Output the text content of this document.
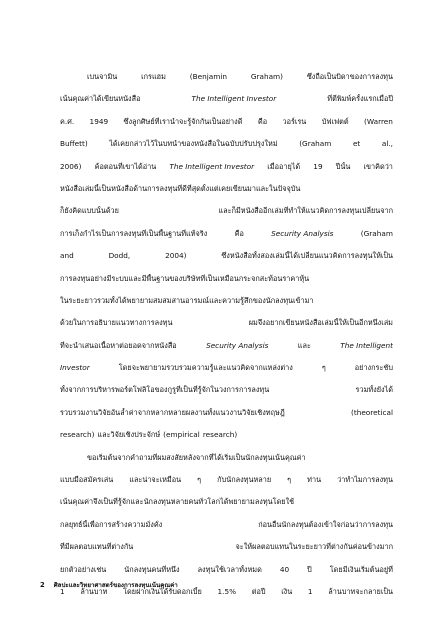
เบนจามิน	เกรแฮม	(Benjamin	Graham)	ซึ่งถือเป็นบิดาของการลงทุน
เน้นคุณค่าได้เขียนหนังสือ	The Intelligent Investor	ที่ตีพิมพ์ครั้งแรกเมื่อปี
ค.ศ. 1949 ซึ่งลูกศิษย์ที่เรานำจะรู้จักกันเป็นอย่างดี คือ วอร์เรน บัฟเฟตต์ (Warren
Buffett)	ได้เคยกล่าวไว้ในบทนำของหนังสือในฉบับปรับปรุงใหม่	(Graham	et	al.,
2006) ค้อตอนที่เขาได้อ่าน The Intelligent Investor เมื่ออายุได้ 19 ปีนั้น เขาคิดว่า
หนังสือเล่มนี้เป็นหนังสือด้านการลงทุนที่ดีที่สุดตั้งแต่เคยเขียนมาและในปัจจุบัน
ก็ยังคิดแบบนั้นด้วย	และก็มีหนังสืออีกเล่มที่ทำให้แนวคิดการลงทุนเปลี่ยนจาก
การเก็งกำไรเป็นการลงทุนที่เป็นพื้นฐานที่แท้จริง	คือ	Security Analysis	(Graham
and	Dodd,	2004)	ซึ่งหนังสือทั้งสองเล่มนี้ได้เปลี่ยนแนวคิดการลงทุนให้เป็น
การลงทุนอย่างมีระบบและมีพื้นฐานของบริษัทที่เป็นเหมือนกระจกสะท้อนราคาหุ้น
ในระยะยาวรวมทั้งได้พยายามสมสมสานอารมณ์และความรู้สึกของนักลงทุนเข้ามา
ด้วยในการอธิบายแนวทางการลงทุน	ผมจึงอยากเขียนหนังสือเล่มนี้ให้เป็นอีกหนึ่งเล่ม
ที่จะนำเสนอเนื้อหาต่อยอดจากหนังสือ	Security Analysis	และ	The Intelligent
Investor	โดยจะพยายามรวบรวมความรู้และแนวคิดจากแหล่งต่าง	ๆ	อย่างกระชับ
ทั้งจากการบริหารพอร์ตโฟลิโอของกูรูที่เป็นที่รู้จักในวงการการลงทุน	รวมทั้งยังได้
รวบรวมงานวิจัยอันล้ำค่าจากหลากหลายผลงานทั้งแนวงานวิจัยเชิงทฤษฎี	(theoretical
research) และวิจัยเชิงประจักษ์ (empirical research)
ขอเริ่มต้นจากคำถามที่ผมสงสัยหลังจากที่ได้เริ่มเป็นนักลงทุนเน้นคุณค่า
แบบมือสมัครเล่น และน่าจะเหมือน ๆ กับนักลงทุนหลาย ๆ ท่าน ว่าทำไมการลงทุน
เน้นคุณค่าจึงเป็นที่รู้จักและนักลงทุนหลายคนทั่วโลกได้พยายามลงทุนโดยใช้
กลยุทธ์นี้เพื่อการสร้างความมั่งคั่ง	ก่อนอื่นนักลงทุนต้องเข้าใจก่อนว่าการลงทุน
ที่มีผลตอบแทนที่ต่างกัน	จะให้ผลตอบแทนในระยะยาวที่ต่างกันค่อนข้างมาก
ยกตัวอย่างเช่น นักลงทุนคนที่หนึ่ง ลงทุนใช้เวลาทั้งหมด 40 ปี โดยมีเงินเริ่มต้นอยู่ที่
1 ล้านบาท โดยฝากเงินได้รับดอกเบี้ย 1.5% ต่อปี เงิน 1 ล้านบาทจะกลายเป็น
2 ศิลปะและวิทยาศาสตร์ของการลงทุนเน้นคุณค่า
